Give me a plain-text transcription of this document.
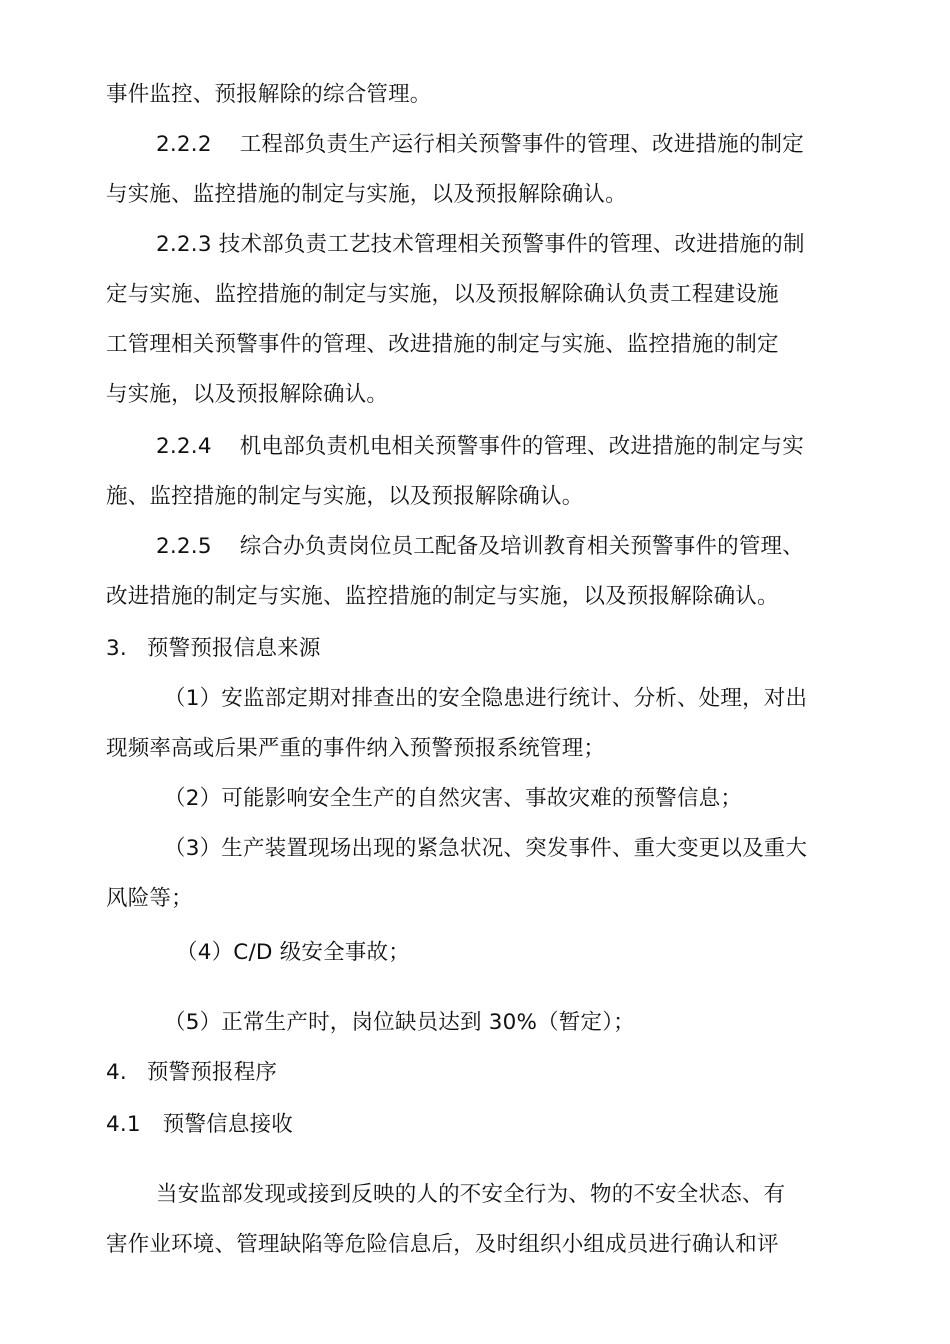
事件监控、预报解除的综合管理。
2.2.2 工程部负责生产运行相关预警事件的管理、改进措施的制定
与实施、监控措施的制定与实施，以及预报解除确认。
2.2.3 技术部负责工艺技术管理相关预警事件的管理、改进措施的制
定与实施、监控措施的制定与实施，以及预报解除确认负责工程建设施
工管理相关预警事件的管理、改进措施的制定与实施、监控措施的制定
与实施，以及预报解除确认。
2.2.4 机电部负责机电相关预警事件的管理、改进措施的制定与实
施、监控措施的制定与实施，以及预报解除确认。
2.2.5 综合办负责岗位员工配备及培训教育相关预警事件的管理、
改进措施的制定与实施、监控措施的制定与实施，以及预报解除确认。
3. 预警预报信息来源
（1）安监部定期对排查出的安全隐患进行统计、分析、处理，对出
现频率高或后果严重的事件纳入预警预报系统管理；
（2）可能影响安全生产的自然灾害、事故灾难的预警信息；
（3）生产装置现场出现的紧急状况、突发事件、重大变更以及重大
风险等；
（4）C/D 级安全事故；
（5）正常生产时，岗位缺员达到 30%（暂定）；
4. 预警预报程序
4.1 预警信息接收
当安监部发现或接到反映的人的不安全行为、物的不安全状态、有
害作业环境、管理缺陷等危险信息后，及时组织小组成员进行确认和评
